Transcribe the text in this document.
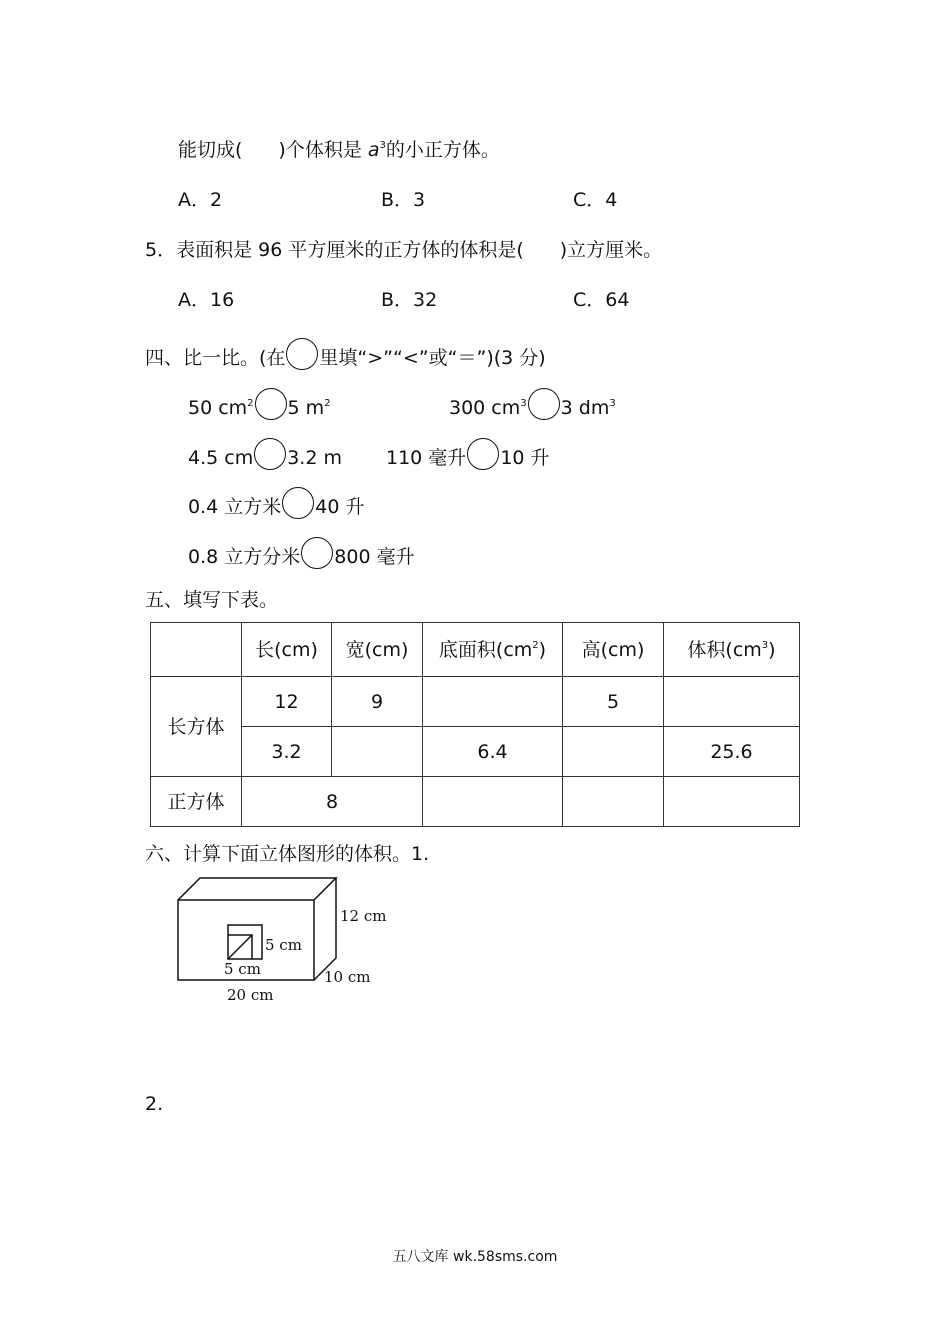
能切成( )个体积是 $a^3$的小正方体。
A．2	B．3	C．4
5．表面积是 96 平方厘米的正方体的体积是( )立方厘米。
A．16	B．32	C．64
四、比一比。(在 里填“>”“<”或“＝”)(3 分)
50 $cm^2$ 5 $m^2$	300 $cm^3$ 3 $dm^3$
4.5 cm 3.2 m 110 毫升 10 升
0.4 立方米 40 升
0.8 立方分米 800 毫升
五、填写下表。
	长(cm)	宽(cm)	底面积$(cm^2)$	高(cm)	体积$(cm^3)$
长方体	12	9		5	
	3.2		6.4		25.6
正方体	8				
六、计算下面立体图形的体积。1.
12 cm
5 cm
5 cm	10 cm
20 cm
2.
五八文库 wk.58sms.com
